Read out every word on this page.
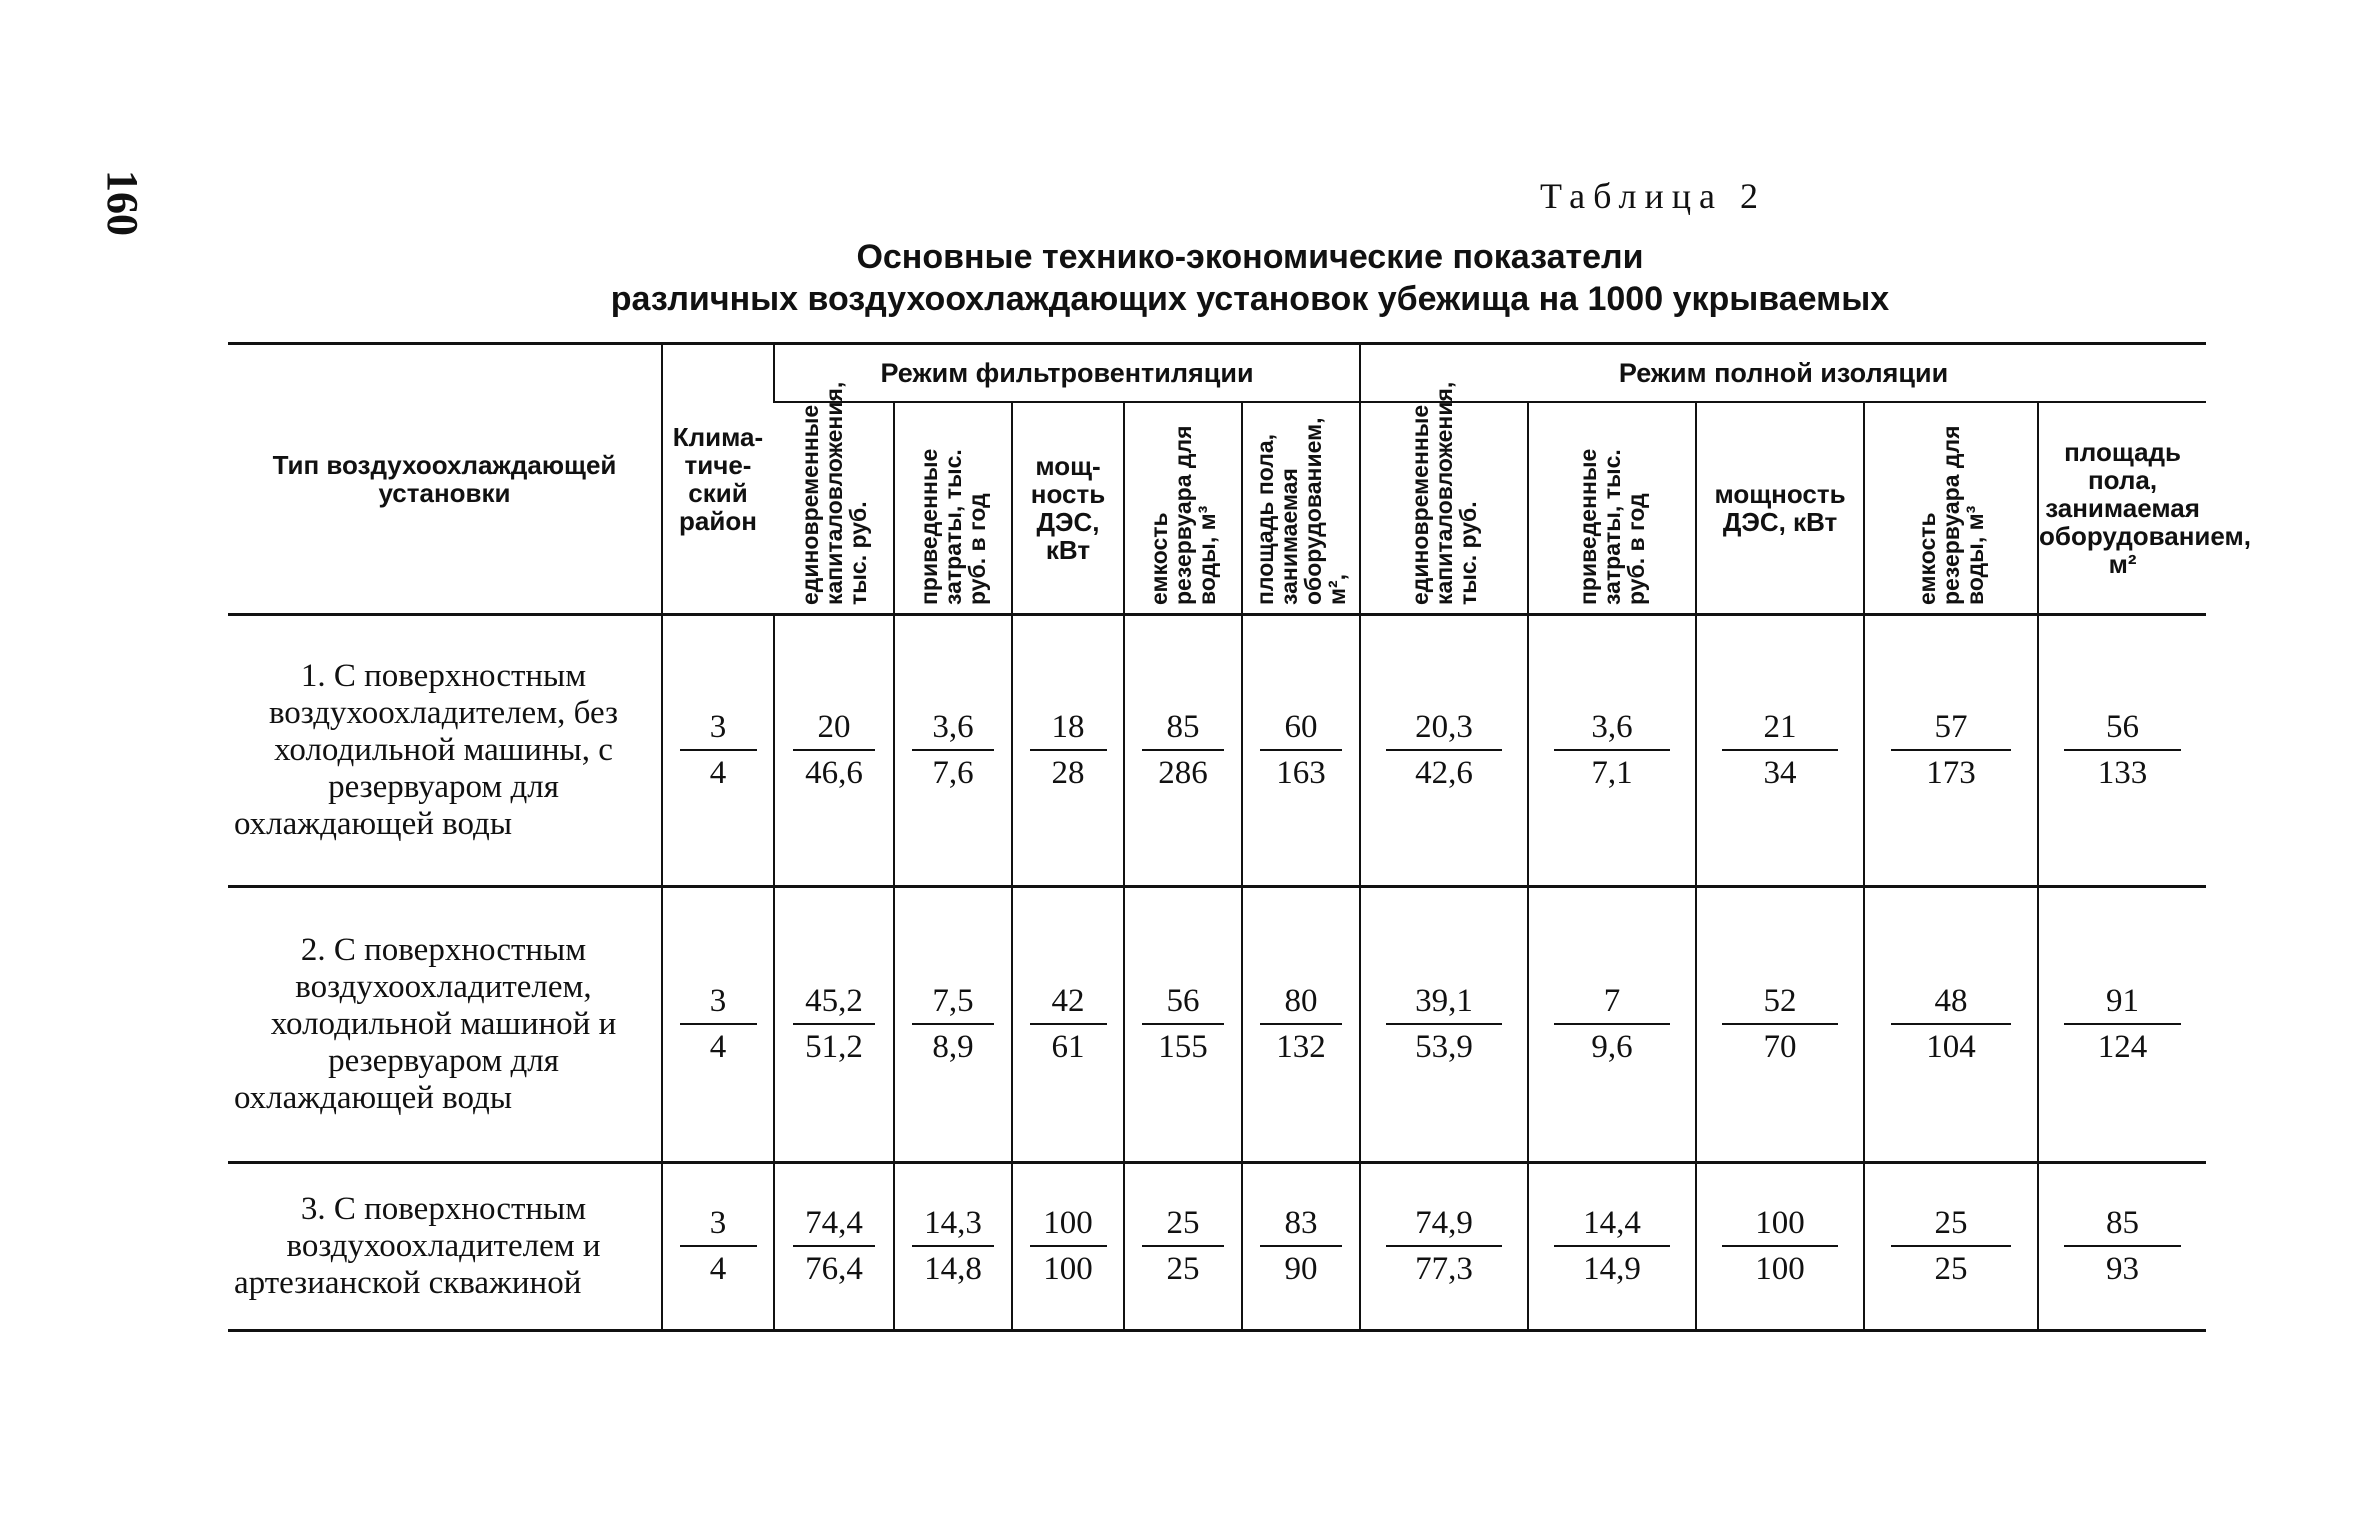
160	Таблица 2
Основные технико-экономические показатели
различных воздухоохлаждающих установок убежища на 1000 укрываемых
Тип воздухоохлаждающей установки	Клима-тиче-ский район	Режим фильтровентиляции					Режим полной изоляции				
		единовременные капиталовложения, тыс. руб.	приведенные затраты, тыс. руб. в год	мощ-ность ДЭС, кВт	емкость резервуара для воды, м³	площадь пола, занимаемая оборудованием, м²,	единовременные капиталовложения, тыс. руб.	приведенные затраты, тыс. руб. в год	мощность ДЭС, кВт	емкость резервуара для воды, м³	площадь пола, занимаемая оборудованием, м²
1. С поверхностным воздухоохладителем, без холодильной машины, с резервуаром для охлаждающей воды	$\frac{3}{4}$	$\frac{20}{46,6}$	$\frac{3,6}{7,6}$	$\frac{18}{28}$	$\frac{85}{286}$	$\frac{60}{163}$	$\frac{20,3}{42,6}$	$\frac{3,6}{7,1}$	$\frac{21}{34}$	$\frac{57}{173}$	$\frac{56}{133}$

2. С поверхностным воздухоохладителем, холодильной машиной и резервуаром для охлаждающей воды	$\frac{3}{4}$	$\frac{45,2}{51,2}$	$\frac{7,5}{8,9}$	$\frac{42}{61}$	$\frac{56}{155}$	$\frac{80}{132}$	$\frac{39,1}{53,9}$	$\frac{7}{9,6}$	$\frac{52}{70}$	$\frac{48}{104}$	$\frac{91}{124}$

3. С поверхностным воздухоохладителем и артезианской скважиной	$\frac{3}{4}$	$\frac{74,4}{76,4}$	$\frac{14,3}{14,8}$	$\frac{100}{100}$	$\frac{25}{25}$	$\frac{83}{90}$	$\frac{74,9}{77,3}$	$\frac{14,4}{14,9}$	$\frac{100}{100}$	$\frac{25}{25}$	$\frac{85}{93}$
